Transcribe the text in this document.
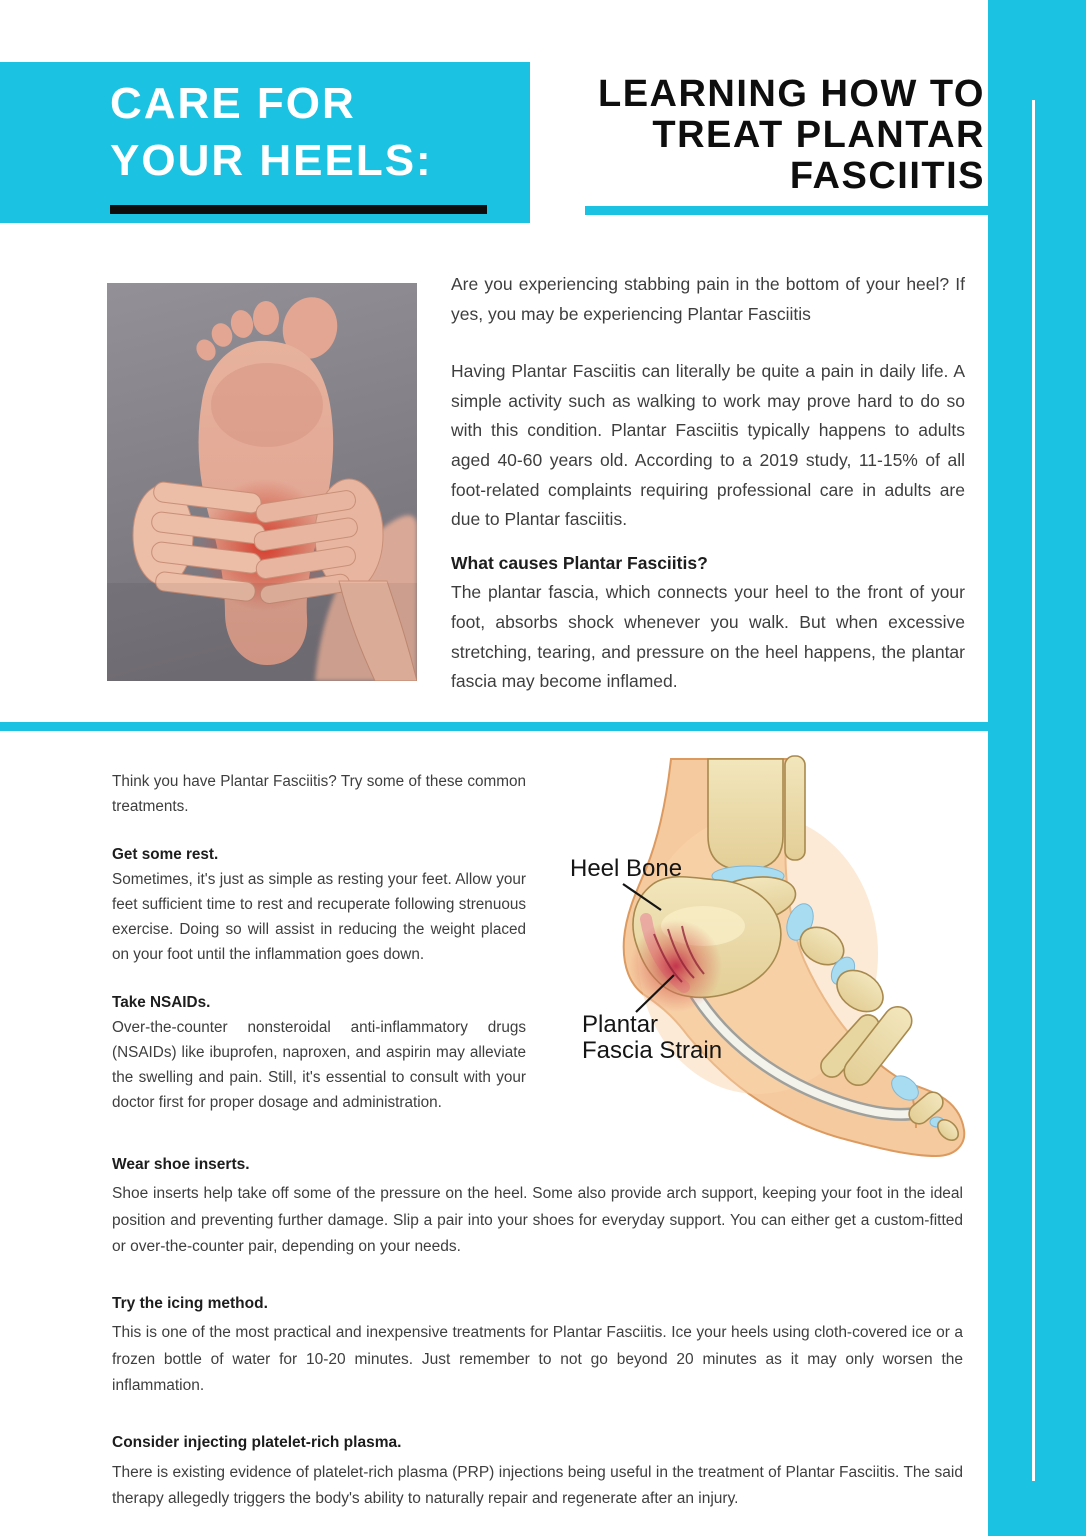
CARE FOR
YOUR HEELS:
LEARNING HOW TO
TREAT PLANTAR
FASCIITIS

Are you experiencing stabbing pain in the bottom of your heel? If yes, you may be experiencing Plantar Fasciitis

Having Plantar Fasciitis can literally be quite a pain in daily life. A simple activity such as walking to work may prove hard to do so with this condition. Plantar Fasciitis typically happens to adults aged 40-60 years old. According to a 2019 study, 11-15% of all foot-related complaints requiring professional care in adults are due to Plantar fasciitis.

What causes Plantar Fasciitis?

The plantar fascia, which connects your heel to the front of your foot, absorbs shock whenever you walk. But when excessive stretching, tearing, and pressure on the heel happens, the plantar fascia may become inflamed.

Think you have Plantar Fasciitis? Try some of these common treatments.

Get some rest.

Sometimes, it's just as simple as resting your feet. Allow your feet sufficient time to rest and recuperate following strenuous exercise. Doing so will assist in reducing the weight placed on your foot until the inflammation goes down.

Take NSAIDs.

Over-the-counter nonsteroidal anti-inflammatory drugs (NSAIDs) like ibuprofen, naproxen, and aspirin may alleviate the swelling and pain. Still, it's essential to consult with your doctor first for proper dosage and administration.

Heel Bone
Plantar
Fascia Strain
Wear shoe inserts.

Shoe inserts help take off some of the pressure on the heel. Some also provide arch support, keeping your foot in the ideal position and preventing further damage. Slip a pair into your shoes for everyday support. You can either get a custom-fitted or over-the-counter pair, depending on your needs.

Try the icing method.

This is one of the most practical and inexpensive treatments for Plantar Fasciitis. Ice your heels using cloth-covered ice or a frozen bottle of water for 10-20 minutes. Just remember to not go beyond 20 minutes as it may only worsen the inflammation.

Consider injecting platelet-rich plasma.

There is existing evidence of platelet-rich plasma (PRP) injections being useful in the treatment of Plantar Fasciitis. The said therapy allegedly triggers the body's ability to naturally repair and regenerate after an injury.
